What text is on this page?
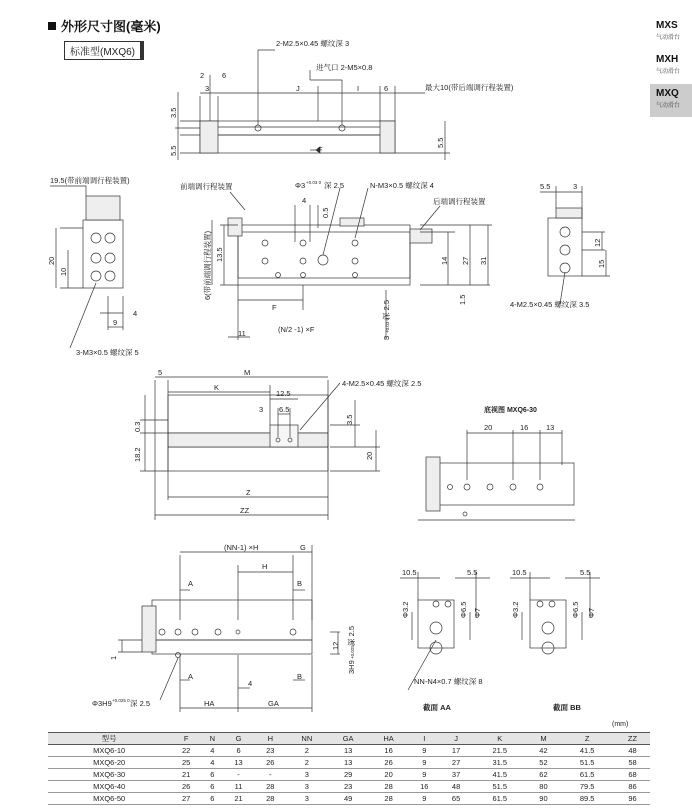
外形尺寸图(毫米)
标准型(MXQ6)
MXS
气动滑台
MXH
气动滑台
MXQ
气动滑台
2-M2.5×0.45 螺纹深 3
进气口 2-M5×0.8
最大10(带后端调行程装置)
2 6
3	J	I	6
F
3.5
5.5
5.5
19.5(带前端调行程装置)
前端调行程装置	Φ3 +0.03 0 深 2.5	N-M3×0.5 螺纹深 4
后端调行程装置
4
0.5
20
10
4
9
3-M3×0.5 螺纹深 5
6(带前端调行程装置) 13.5
F
11	(N/2 -1) ×F
3
+0.03 0
深 2.5
14 27 31
1.5
5.5	3
12
15
4-M2.5×0.45 螺纹深 3.5
5	M
K
12.5
3 6.5
4-M2.5×0.45 螺纹深 2.5
0.3
18.2
3.5
20
Z
ZZ
底视图 MXQ6-30
20	16 13
(NN-1) ×H	G
H
A	B
A	B
1
12
3H9
+0.025 0
深 2.5
4
HA	GA
Φ3H9 +0.025 0 深 2.5
10.5	5.5	10.5	5.5
Φ3.2	Φ6.5 Φ7	Φ3.2	Φ6.5 Φ7
NN-N4×0.7 螺纹深 8
截面 AA	截面 BB
(mm)
型号	F	N	G	H	NN	GA	HA	I	J	K	M	Z	ZZ
MXQ6-10	22	4	6	23	2	13	16	9	17	21.5	42	41.5	48
MXQ6-20	25	4	13	26	2	13	26	9	27	31.5	52	51.5	58
MXQ6-30	21	6	-	-	3	29	20	9	37	41.5	62	61.5	68
MXQ6-40	26	6	11	28	3	23	28	16	48	51.5	80	79.5	86
MXQ6-50	27	6	21	28	3	49	28	9	65	61.5	90	89.5	96
